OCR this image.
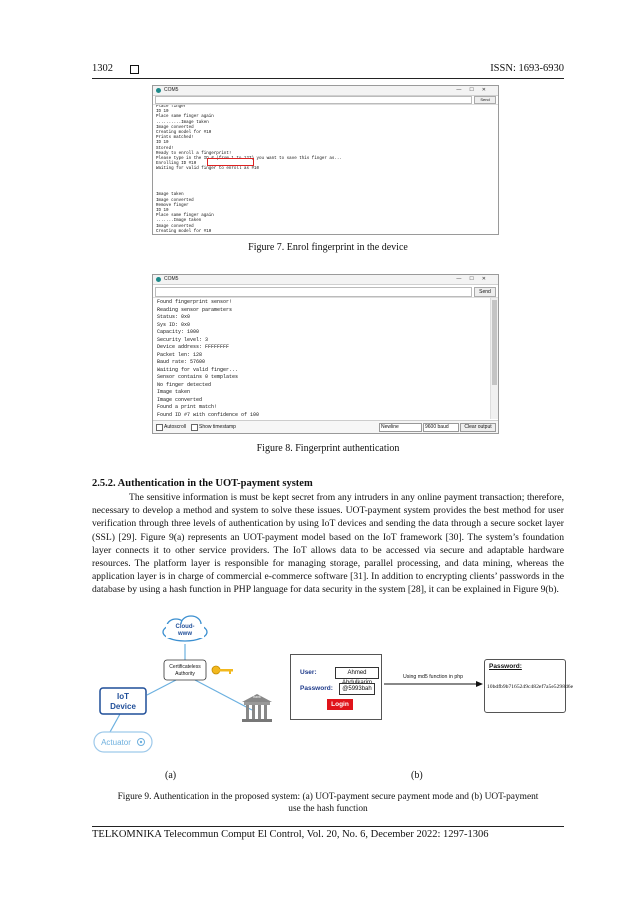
1302	ISSN: 1693-6930
COM5	—☐✕
Send
Place finger
ID 10
Place same finger again
..........Image taken
Image converted
Creating model for #10
Prints matched!
ID 10
Stored!
Ready to enroll a fingerprint!
Please type in the ID # (from 1 to 127) you want to save this finger as...
Enrolling ID #10
Waiting for valid finger to enroll as #10

Image taken
Image converted
Remove finger
ID 10
Place same finger again
.......Image taken
Image converted
Creating model for #10
Figure 7. Enrol fingerprint in the device
COM5	—☐✕
Send
Found fingerprint sensor!
Reading sensor parameters
Status: 0x0
Sys ID: 0x0
Capacity: 1000
Security level: 3
Device address: FFFFFFFF
Packet len: 128
Baud rate: 57600
Waiting for valid finger...
Sensor contains 0 templates
No finger detected
Image taken
Image converted
Found a print match!
Found ID #7 with confidence of 100
Autoscroll	Show timestamp	Newline	9600 baud	Clear output
Figure 8. Fingerprint authentication
2.5.2. Authentication in the UOT-payment system
The sensitive information is must be kept secret from any intruders in any online payment transaction; therefore, necessary to develop a method and system to solve these issues. UOT-payment system provides the best method for user verification through three levels of authentication by using IoT devices and sending the data through a secure socket layer (SSL) [29]. Figure 9(a) represents an UOT-payment model based on the IoT framework [30]. The system’s foundation layer connects it to other service providers. The IoT allows data to be accessed via secure and adaptable hardware resources. The platform layer is responsible for managing storage, parallel processing, and data mining, whereas the application layer is in charge of commercial e-commerce software [31]. In addition to encrypting clients’ passwords in the database by using a hash function in PHP language for data security in the system [28], it can be explained in Figure 9(b).
Cloud-www
Certificateless Authority
IoT Device
bank
Actuator
User:	Ahmed
Password:	@5993bah
Login
Using md5 function in php
Password:
10bdfb9b7165249c482ef7a5e5298d6e
(a)	(b)
Figure 9. Authentication in the proposed system: (a) UOT-payment secure payment mode and (b) UOT-payment
use the hash function
TELKOMNIKA Telecommun Comput El Control, Vol. 20, No. 6, December 2022: 1297-1306
